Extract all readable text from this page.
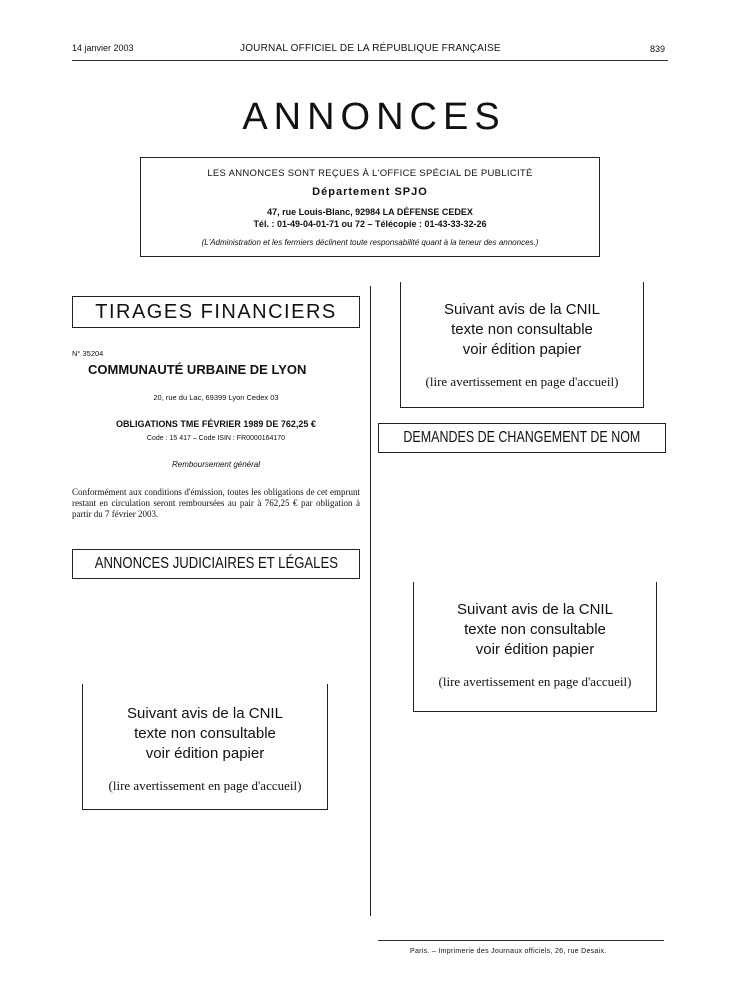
14 janvier 2003	JOURNAL OFFICIEL DE LA RÉPUBLIQUE FRANÇAISE	839
ANNONCES
LES ANNONCES SONT REÇUES À L'OFFICE SPÉCIAL DE PUBLICITÉ
Département SPJO
47, rue Louis-Blanc, 92984 LA DÉFENSE CEDEX
Tél. : 01-49-04-01-71 ou 72 – Télécopie : 01-43-33-32-26
(L'Administration et les fermiers déclinent toute responsabilité quant à la teneur des annonces.)
TIRAGES FINANCIERS
N° 35204
COMMUNAUTÉ URBAINE DE LYON
20, rue du Lac, 69399 Lyon Cedex 03
OBLIGATIONS TME FÉVRIER 1989 DE 762,25 €
Code : 15 417 – Code ISIN : FR0000164170
Remboursement général
Conformément aux conditions d'émission, toutes les obligations de cet emprunt restant en circulation seront remboursées au pair à 762,25 € par obligation à partir du 7 février 2003.
ANNONCES JUDICIAIRES ET LÉGALES
Suivant avis de la CNIL
texte non consultable
voir édition papier
(lire avertissement en page d'accueil)
Suivant avis de la CNIL
texte non consultable
voir édition papier
(lire avertissement en page d'accueil)
DEMANDES DE CHANGEMENT DE NOM
Suivant avis de la CNIL
texte non consultable
voir édition papier
(lire avertissement en page d'accueil)
Paris. – Imprimerie des Journaux officiels, 26, rue Desaix.
